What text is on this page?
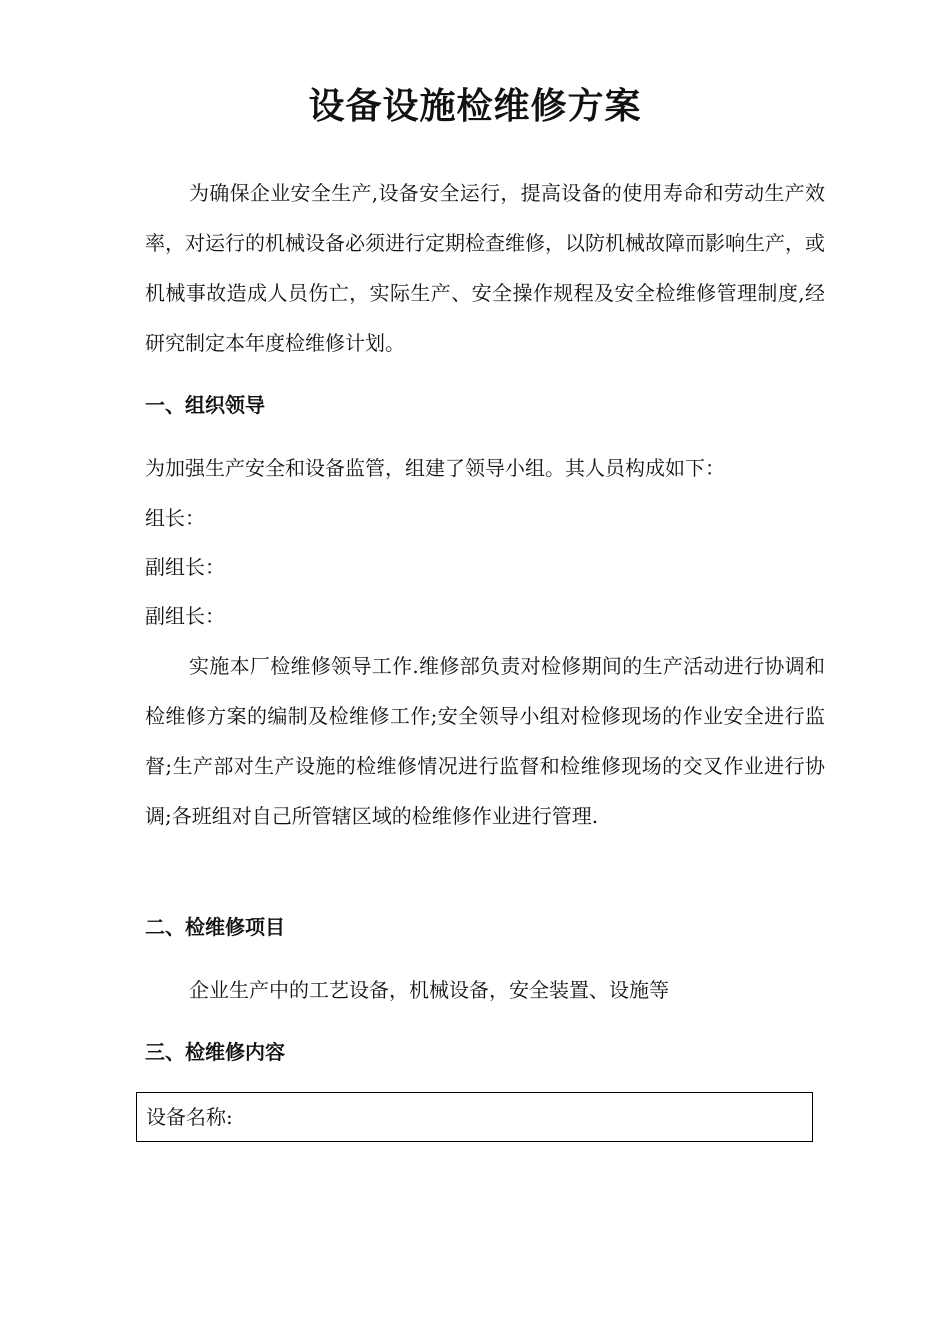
设备设施检维修方案

为确保企业安全生产,设备安全运行，提高设备的使用寿命和劳动生产效率，对运行的机械设备必须进行定期检查维修，以防机械故障而影响生产，或机械事故造成人员伤亡，实际生产、安全操作规程及安全检维修管理制度,经研究制定本年度检维修计划。

一、组织领导

为加强生产安全和设备监管，组建了领导小组。其人员构成如下：

组长：

副组长：

副组长：

实施本厂检维修领导工作.维修部负责对检修期间的生产活动进行协调和检维修方案的编制及检维修工作;安全领导小组对检修现场的作业安全进行监督;生产部对生产设施的检维修情况进行监督和检维修现场的交叉作业进行协调;各班组对自己所管辖区域的检维修作业进行管理.

二、检维修项目

企业生产中的工艺设备，机械设备，安全装置、设施等

三、检维修内容
设备名称:
